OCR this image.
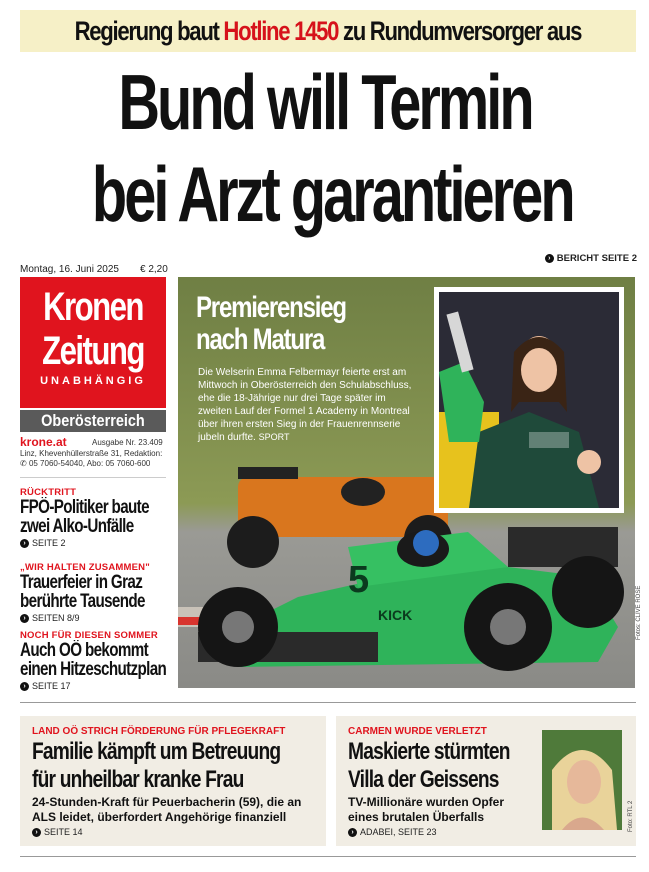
Regierung baut Hotline 1450 zu Rundumversorger aus
Bund will Termin
bei Arzt garantieren
Montag, 16. Juni 2025 € 2,20
› BERICHT SEITE 2
Kronen
Zeitung
UNABHÄNGIG
Oberösterreich
krone.at	Ausgabe Nr. 23.409
Linz, Khevenhüllerstraße 31, Redaktion:
✆ 05 7060-54040, Abo: 05 7060-600
RÜCKTRITT
FPÖ-Politiker baute
zwei Alko-Unfälle
› SEITE 2
„WIR HALTEN ZUSAMMEN"
Trauerfeier in Graz
berührte Tausende
› SEITEN 8/9
NOCH FÜR DIESEN SOMMER
Auch OÖ bekommt
einen Hitzeschutzplan
› SEITE 17
5
KICK
Premierensieg
nach Matura
Die Welserin Emma Felbermayr feierte erst am Mittwoch in Oberösterreich den Schulabschluss, ehe die 18-Jährige nur drei Tage später im zweiten Lauf der Formel 1 Academy in Montreal über ihren ersten Sieg in der Frauenrennserie jubeln durfte. SPORT
Fotos: CLIVE ROSE
LAND OÖ STRICH FÖRDERUNG FÜR PFLEGEKRAFT
Familie kämpft um Betreuung
für unheilbar kranke Frau
24-Stunden-Kraft für Peuerbacherin (59), die an ALS leidet, überfordert Angehörige finanziell
› SEITE 14
CARMEN WURDE VERLETZT
Maskierte stürmten
Villa der Geissens
TV-Millionäre wurden Opfer eines brutalen Überfalls
› ADABEI, SEITE 23	Foto: RTL 2
